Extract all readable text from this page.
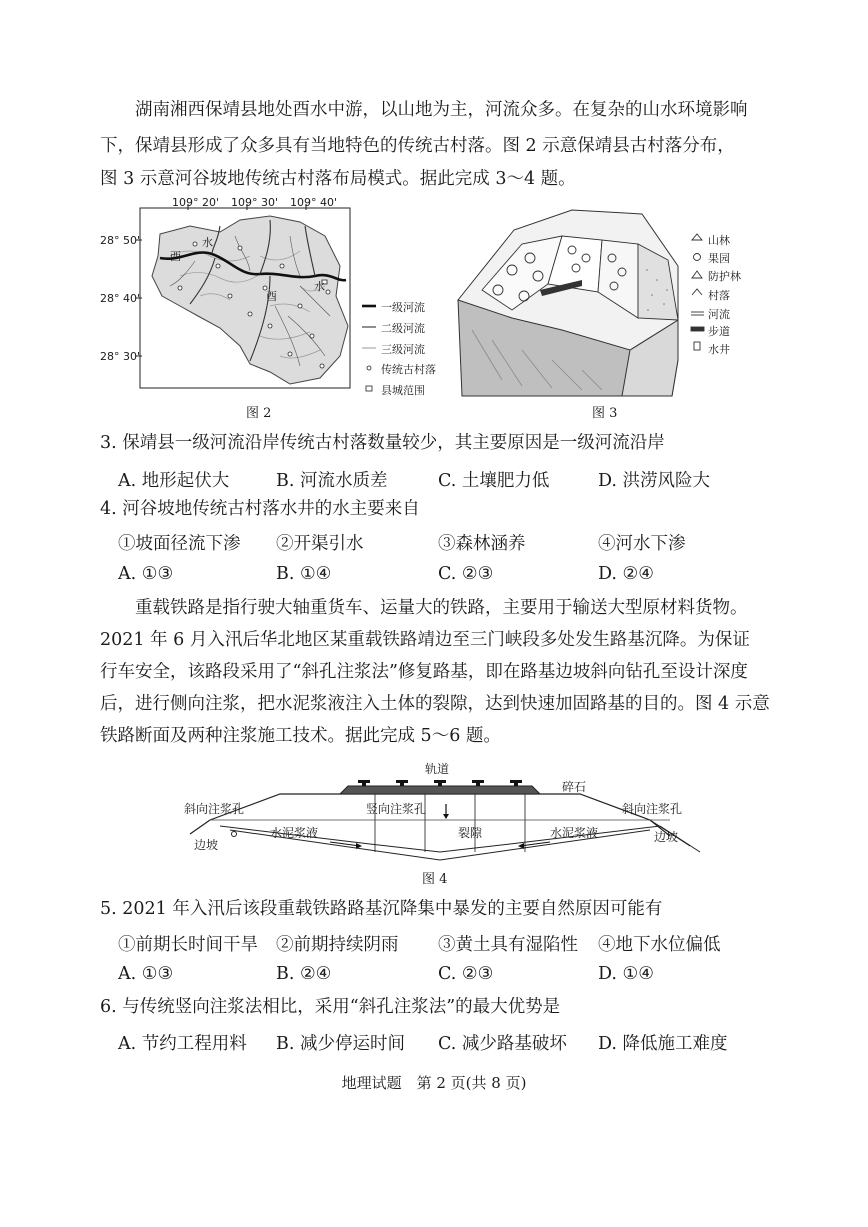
湖南湘西保靖县地处酉水中游，以山地为主，河流众多。在复杂的山水环境影响
下，保靖县形成了众多具有当地特色的传统古村落。图 2 示意保靖县古村落分布，
图 3 示意河谷坡地传统古村落布局模式。据此完成 3～4 题。
109° 20' 109° 30' 109° 40'
28° 50'
28° 40'
28° 30'
西
水
酉
水
一级河流
二级河流
三级河流
传统古村落
县城范围
图 2
山林
果园
防护林
村落
河流
步道
水井
图 3
3. 保靖县一级河流沿岸传统古村落数量较少，其主要原因是一级河流沿岸
A. 地形起伏大	B. 河流水质差	C. 土壤肥力低	D. 洪涝风险大
4. 河谷坡地传统古村落水井的水主要来自
①坡面径流下渗 ②开渠引水	③森林涵养	④河水下渗
A. ①③	B. ①④	C. ②③	D. ②④
重载铁路是指行驶大轴重货车、运量大的铁路，主要用于输送大型原材料货物。
2021 年 6 月入汛后华北地区某重载铁路靖边至三门峡段多处发生路基沉降。为保证
行车安全，该路段采用了“斜孔注浆法”修复路基，即在路基边坡斜向钻孔至设计深度
后，进行侧向注浆，把水泥浆液注入土体的裂隙，达到快速加固路基的目的。图 4 示意
铁路断面及两种注浆施工技术。据此完成 5～6 题。
轨道
碎石
斜向注浆孔	竖向注浆孔	斜向注浆孔
水泥浆液	裂隙	水泥浆液
边坡
边坡
图 4
5. 2021 年入汛后该段重载铁路路基沉降集中暴发的主要自然原因可能有
①前期长时间干旱 ②前期持续阴雨 ③黄土具有湿陷性 ④地下水位偏低
A. ①③	B. ②④	C. ②③	D. ①④
6. 与传统竖向注浆法相比，采用“斜孔注浆法”的最大优势是
A. 节约工程用料 B. 减少停运时间 C. 减少路基破坏 D. 降低施工难度
地理试题　第 2 页(共 8 页)
